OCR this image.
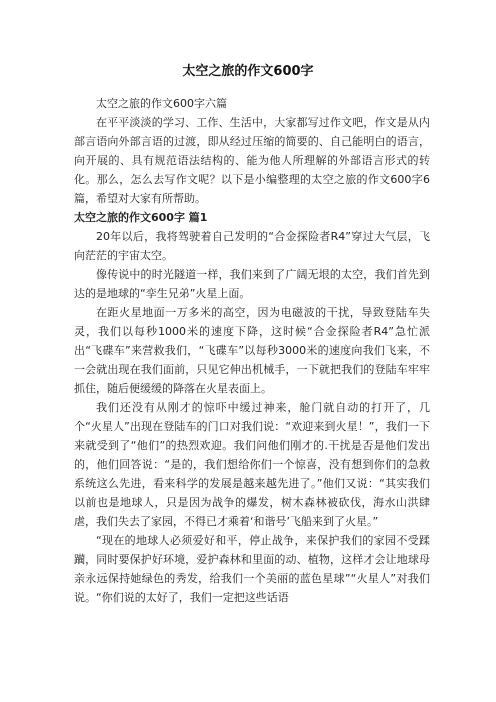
太空之旅的作文600字

太空之旅的作文600字六篇

在平平淡淡的学习、工作、生活中，大家都写过作文吧，作文是从内部言语向外部言语的过渡，即从经过压缩的简要的、自己能明白的语言，向开展的、具有规范语法结构的、能为他人所理解的外部语言形式的转化。那么，怎么去写作文呢？以下是小编整理的太空之旅的作文600字6篇，希望对大家有所帮助。

太空之旅的作文600字 篇1

20年以后，我将驾驶着自己发明的“合金探险者R4”穿过大气层，飞向茫茫的宇宙太空。

像传说中的时光隧道一样，我们来到了广阔无垠的太空，我们首先到达的是地球的“孪生兄弟”火星上面。

在距火星地面一万多米的高空，因为电磁波的干扰，导致登陆车失灵，我们以每秒1000米的速度下降，这时候“合金探险者R4”急忙派出“飞碟车”来营救我们，“飞碟车”以每秒3000米的速度向我们飞来，不一会就出现在我们面前，只见它伸出机械手，一下就把我们的登陆车牢牢抓住，随后便缓缓的降落在火星表面上。

我们还没有从刚才的惊吓中缓过神来，舱门就自动的打开了，几个“火星人”出现在登陆车的门口对我们说：“欢迎来到火星！”，我们一下来就受到了“他们”的热烈欢迎。我们问他们刚才的.干扰是否是他们发出的，他们回答说：“是的，我们想给你们一个惊喜，没有想到你们的急救系统这么先进，看来科学的发展是越来越先进了。”他们又说：“其实我们以前也是地球人，只是因为战争的爆发，树木森林被砍伐，海水山洪肆虐，我们失去了家园，不得已才乘着‘和谐号’飞船来到了火星。”

“现在的地球人必须爱好和平，停止战争，来保护我们的家园不受蹂躏，同时要保护好环境，爱护森林和里面的动、植物，这样才会让地球母亲永远保持她绿色的秀发，给我们一个美丽的蓝色星球”“火星人”对我们说。“你们说的太好了，我们一定把这些话语
